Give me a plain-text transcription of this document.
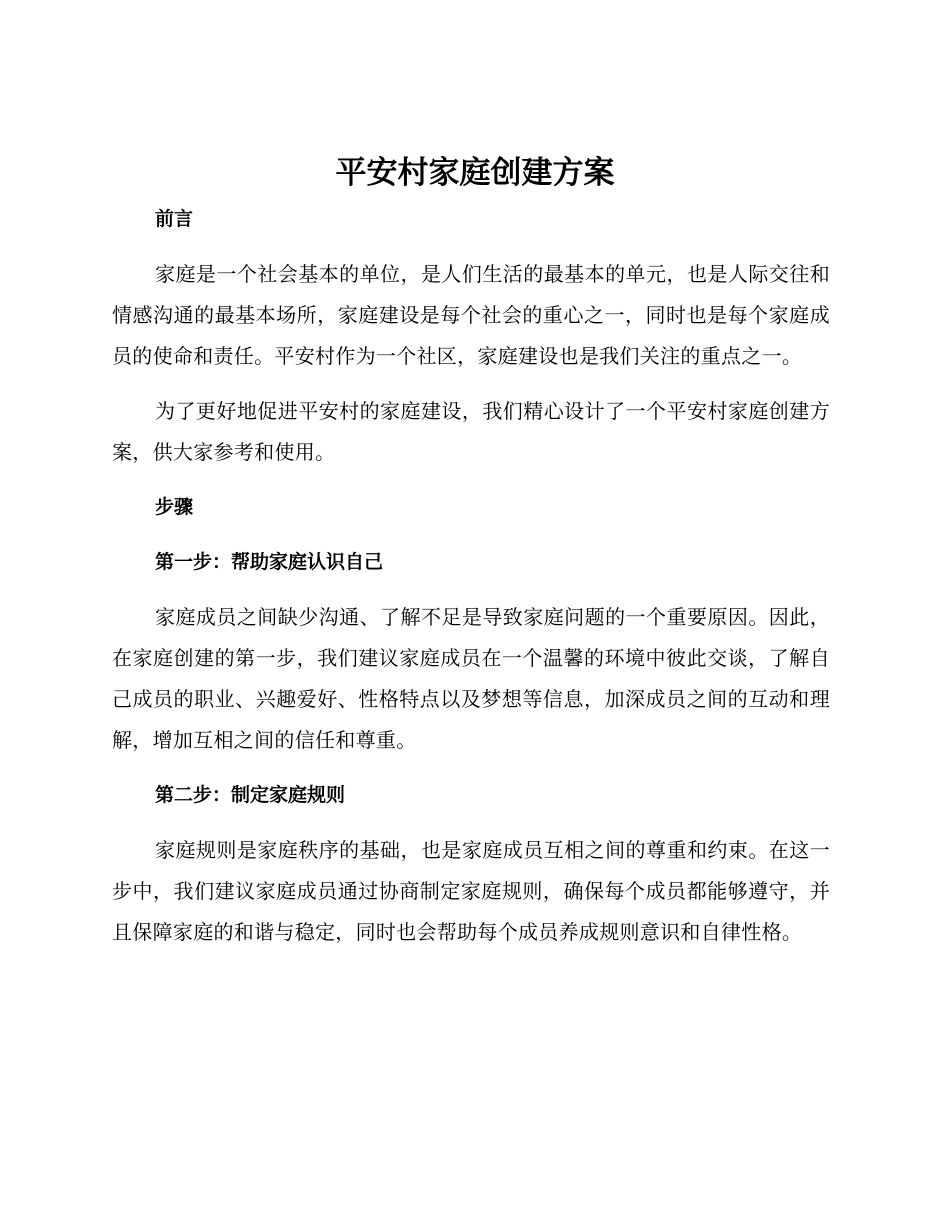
平安村家庭创建方案
前言

家庭是一个社会基本的单位，是人们生活的最基本的单元，也是人际交往和情感沟通的最基本场所，家庭建设是每个社会的重心之一，同时也是每个家庭成员的使命和责任。平安村作为一个社区，家庭建设也是我们关注的重点之一。

为了更好地促进平安村的家庭建设，我们精心设计了一个平安村家庭创建方案，供大家参考和使用。

步骤
第一步：帮助家庭认识自己

家庭成员之间缺少沟通、了解不足是导致家庭问题的一个重要原因。因此，在家庭创建的第一步，我们建议家庭成员在一个温馨的环境中彼此交谈，了解自己成员的职业、兴趣爱好、性格特点以及梦想等信息，加深成员之间的互动和理解，增加互相之间的信任和尊重。

第二步：制定家庭规则

家庭规则是家庭秩序的基础，也是家庭成员互相之间的尊重和约束。在这一步中，我们建议家庭成员通过协商制定家庭规则，确保每个成员都能够遵守，并且保障家庭的和谐与稳定，同时也会帮助每个成员养成规则意识和自律性格。
